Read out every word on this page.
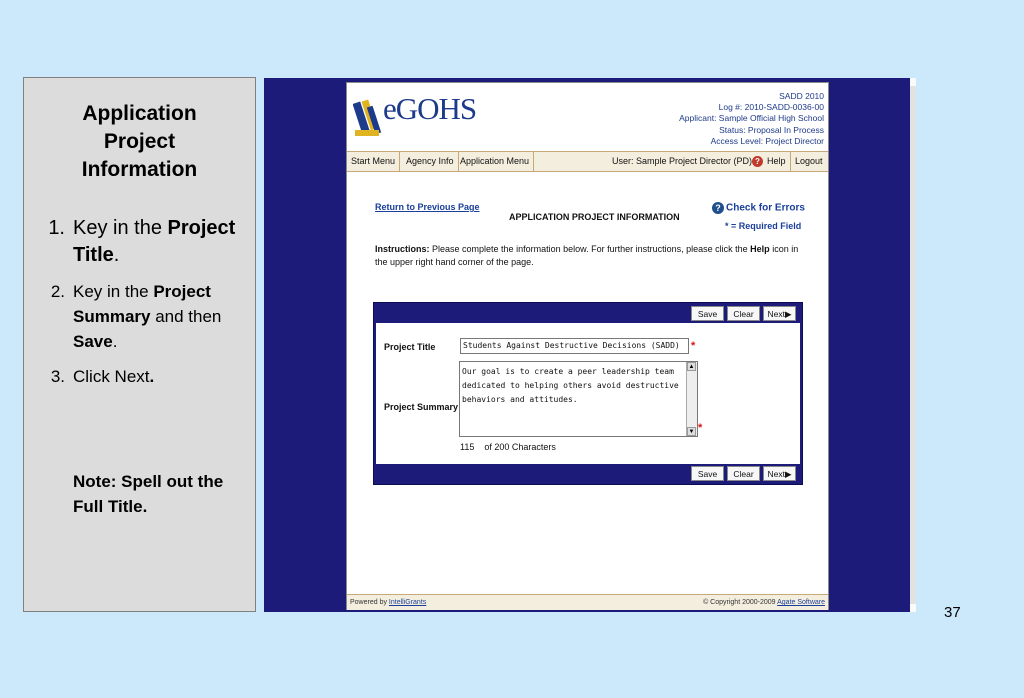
Application Project Information
1. Key in the Project Title.
2. Key in the Project Summary and then Save.
3. Click Next.
Note: Spell out the Full Title.
eGOHS	SADD 2010
Log #: 2010-SADD-0036-00
Applicant: Sample Official High School
Status: Proposal In Process
Access Level: Project Director
Start Menu	Agency Info Application Menu	User: Sample Project Director (PD) ? Help	Logout
Return to Previous Page
APPLICATION PROJECT INFORMATION
? Check for Errors
* = Required Field
Instructions: Please complete the information below. For further instructions, please click the Help icon in the upper right hand corner of the page.
Save	Clear	Next▶
Project Title	Students Against Destructive Decisions (SADD)	*
Project Summary
Our goal is to create a peer leadership team
dedicated to helping others avoid destructive
behaviors and attitudes.
▲
▼ *
115 of 200 Characters
Save	Clear	Next▶
Powered by IntelliGrants	© Copyright 2000-2009 Agate Software
37
